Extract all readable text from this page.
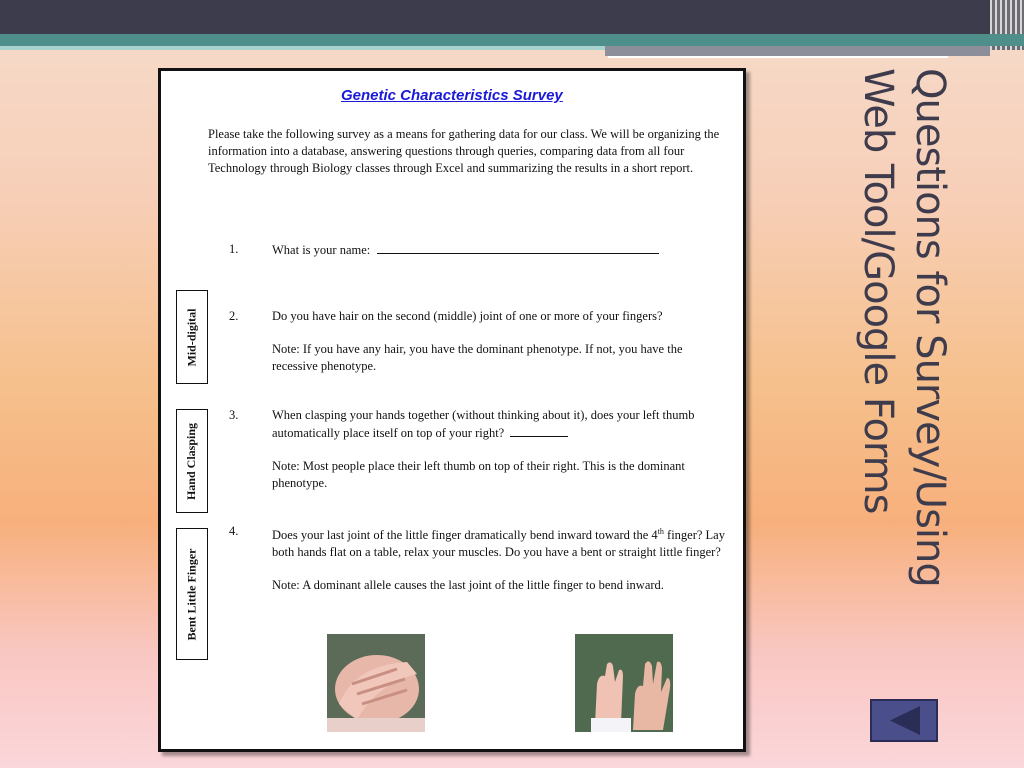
Genetic Characteristics Survey
Please take the following survey as a means for gathering data for our class. We will be organizing the information into a database, answering questions through queries, comparing data from all four Technology through Biology classes through Excel and summarizing the results in a short report.
1.	What is your name:
2.	Do you have hair on the second (middle) joint of one or more of your fingers?
Note: If you have any hair, you have the dominant phenotype. If not, you have the recessive phenotype.
3.	When clasping your hands together (without thinking about it), does your left thumb automatically place itself on top of your right?
Note: Most people place their left thumb on top of their right. This is the dominant phenotype.
4.	Does your last joint of the little finger dramatically bend inward toward the 4th finger? Lay both hands flat on a table, relax your muscles. Do you have a bent or straight little finger?
Note: A dominant allele causes the last joint of the little finger to bend inward.
Mid-digital
Hand Clasping
Bent Little Finger
Questions for Survey/Using
Web Tool/Google Forms
